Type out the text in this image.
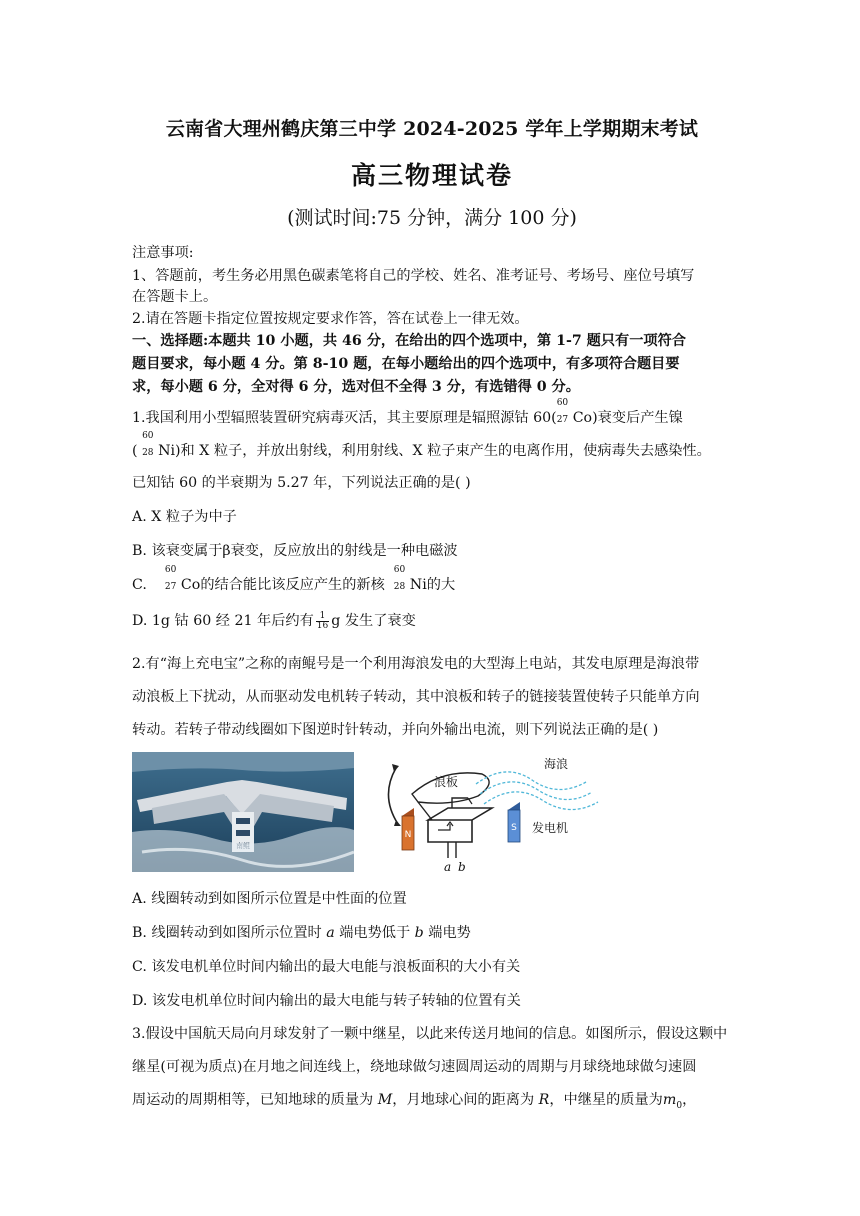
云南省大理州鹤庆第三中学 2024-2025 学年上学期期末考试
高三物理试卷
(测试时间:75 分钟，满分 100 分)
注意事项:
1、答题前，考生务必用黑色碳素笔将自己的学校、姓名、准考证号、考场号、座位号填写
在答题卡上。
2.请在答题卡指定位置按规定要求作答，答在试卷上一律无效。
一、选择题:本题共 10 小题，共 46 分，在给出的四个选项中，第 1-7 题只有一项符合
题目要求，每小题 4 分。第 8-10 题，在每小题给出的四个选项中，有多项符合题目要
求，每小题 6 分，全对得 6 分，选对但不全得 3 分，有选错得 0 分。
1.我国利用小型辐照装置研究病毒灭活，其主要原理是辐照源钴 60(
60
27 Co)衰变后产生镍
(
60
28 Ni)和 X 粒子，并放出射线，利用射线、X 粒子束产生的电离作用，使病毒失去感染性。
已知钴 60 的半衰期为 5.27 年，下列说法正确的是( )
A. X 粒子为中子
B. 该衰变属于β衰变，反应放出的射线是一种电磁波
C.
60
27 Co的结合能比该反应产生的新核
60
28 Ni的大
D. 1g 钴 60 经 21 年后约有 $\frac{1}{16}$ g 发生了衰变
2.有“海上充电宝”之称的南鲲号是一个利用海浪发电的大型海上电站，其发电原理是海浪带
动浪板上下扰动，从而驱动发电机转子转动，其中浪板和转子的链接装置使转子只能单方向
转动。若转子带动线圈如下图逆时针转动，并向外输出电流，则下列说法正确的是( )
浪板
海浪
N
S
a b
发电机
A. 线圈转动到如图所示位置是中性面的位置
B. 线圈转动到如图所示位置时 a 端电势低于 b 端电势
C. 该发电机单位时间内输出的最大电能与浪板面积的大小有关
D. 该发电机单位时间内输出的最大电能与转子转轴的位置有关
3.假设中国航天局向月球发射了一颗中继星，以此来传送月地间的信息。如图所示，假设这颗中
继星(可视为质点)在月地之间连线上，绕地球做匀速圆周运动的周期与月球绕地球做匀速圆
周运动的周期相等，已知地球的质量为 M，月地球心间的距离为 R，中继星的质量为$m_0$，
